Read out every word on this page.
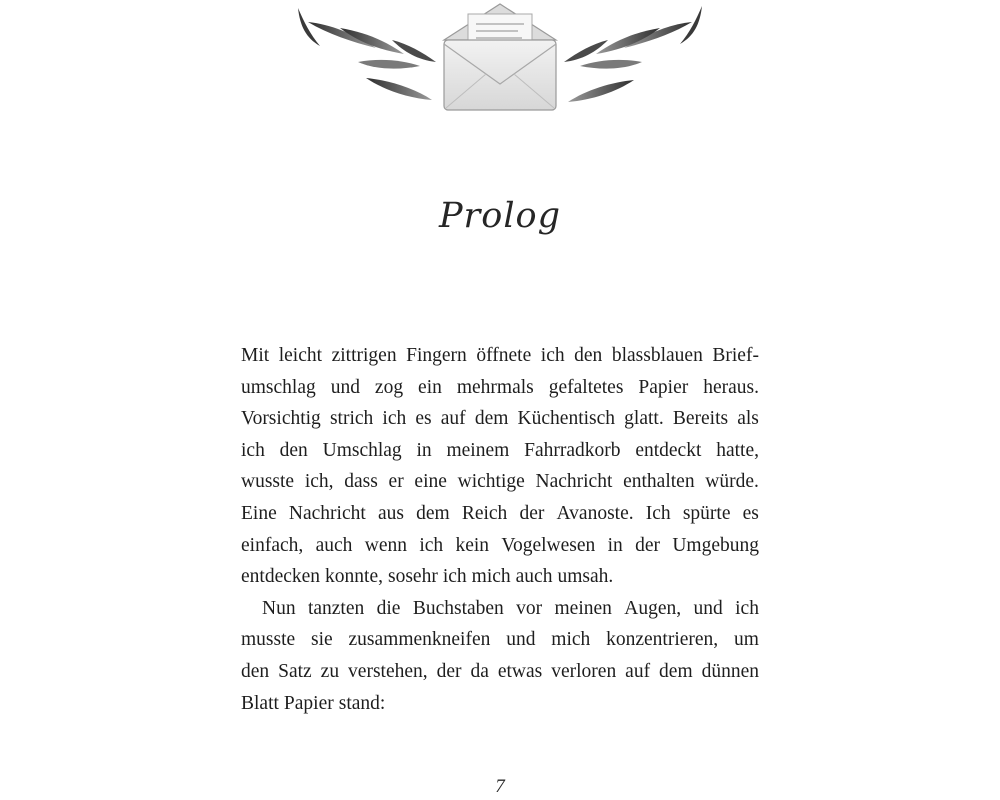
Prolog
Mit leicht zittrigen Fingern öffnete ich den blassblauen Brief-
umschlag und zog ein mehrmals gefaltetes Papier heraus.
Vorsichtig strich ich es auf dem Küchentisch glatt. Bereits als
ich den Umschlag in meinem Fahrradkorb entdeckt hatte,
wusste ich, dass er eine wichtige Nachricht enthalten würde.
Eine Nachricht aus dem Reich der Avanoste. Ich spürte es
einfach, auch wenn ich kein Vogelwesen in der Umgebung
entdecken konnte, sosehr ich mich auch umsah.
Nun tanzten die Buchstaben vor meinen Augen, und ich
musste sie zusammenkneifen und mich konzentrieren, um
den Satz zu verstehen, der da etwas verloren auf dem dünnen
Blatt Papier stand:
7
